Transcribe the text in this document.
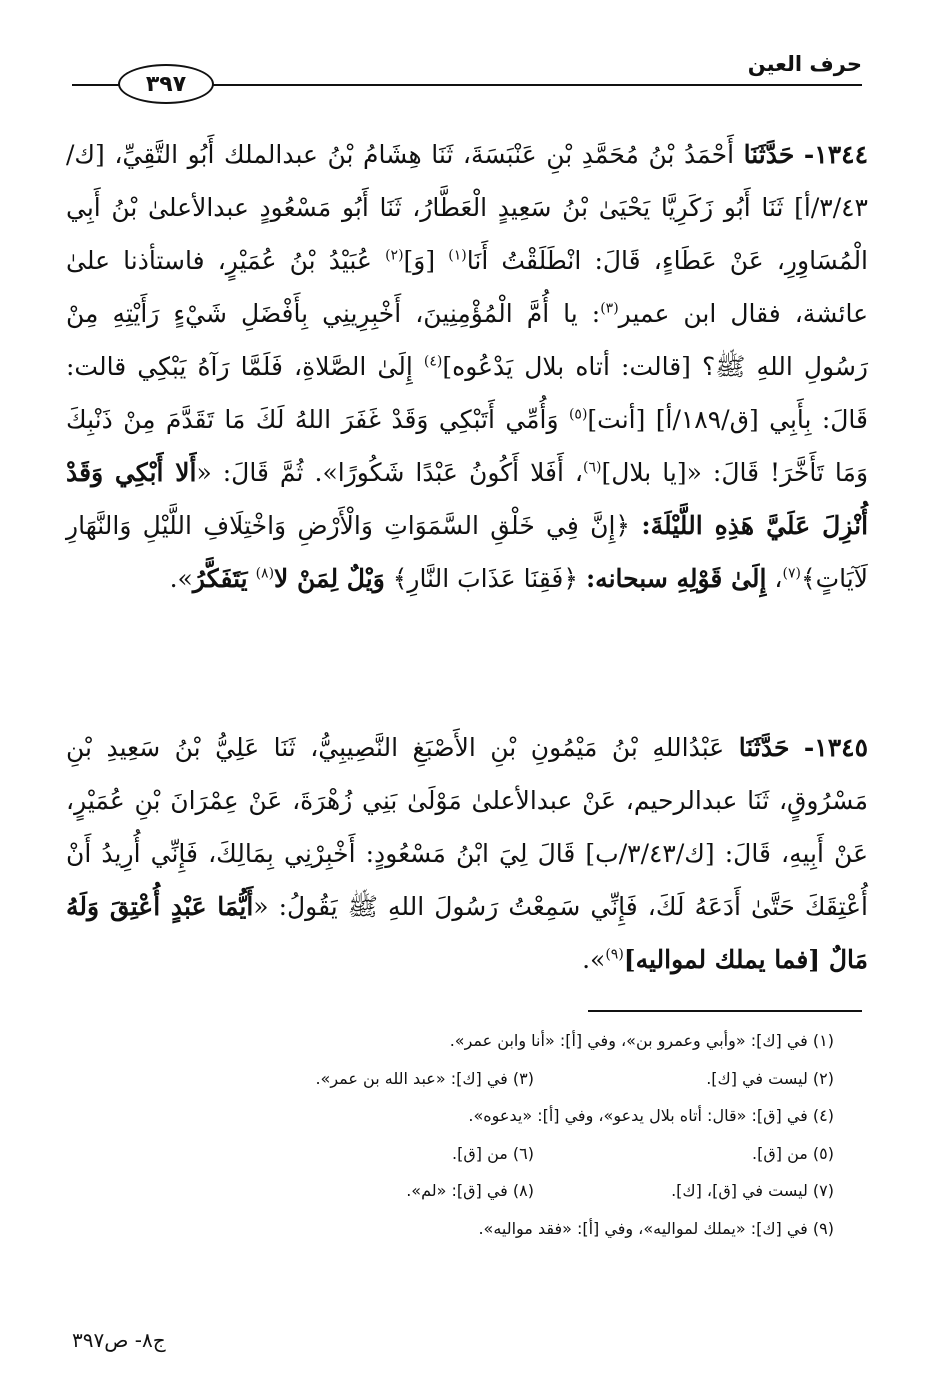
حرف العين
٣٩٧
١٣٤٤- حَدَّثَنَا أَحْمَدُ بْنُ مُحَمَّدِ بْنِ عَنْبَسَةَ، ثَنَا هِشَامُ بْنُ عبدالملك أَبُو التَّقِيِّ، [ك/٣/٤٣/أ] ثَنَا أَبُو زَكَرِيَّا يَحْيَىٰ بْنُ سَعِيدٍ الْعَطَّارُ، ثَنَا أَبُو مَسْعُودٍ عبدالأعلىٰ بْنُ أَبِي الْمُسَاوِرِ، عَنْ عَطَاءٍ، قَالَ: انْطَلَقْتُ أَنَا$^{(١)}$ [وَ]$^{(٢)}$ عُبَيْدُ بْنُ عُمَيْرٍ، فاستأذنا علىٰ عائشة، فقال ابن عمير$^{(٣)}$: يا أُمَّ الْمُؤْمِنِينَ، أَخْبِرِينِي بِأَفْضَلِ شَيْءٍ رَأَيْتِهِ مِنْ رَسُولِ اللهِ ﷺ؟ [قالت: أتاه بلال يَدْعُوه]$^{(٤)}$ إِلَىٰ الصَّلاةِ، فَلَمَّا رَآهُ يَبْكِي قالت: قَالَ: بِأَبِي [ق/١٨٩/أ] [أنت]$^{(٥)}$ وَأُمِّي أَتَبْكِي وَقَدْ غَفَرَ اللهُ لَكَ مَا تَقَدَّمَ مِنْ ذَنْبِكَ وَمَا تَأَخَّرَ! قَالَ: «[يا بلال]$^{(٦)}$، أَفَلا أَكُونُ عَبْدًا شَكُورًا». ثُمَّ قَالَ: «أَلا أَبْكِي وَقَدْ أُنْزِلَ عَلَيَّ هَذِهِ اللَّيْلَةَ: ﴿إِنَّ فِي خَلْقِ السَّمَوَاتِ وَالْأَرْضِ وَاخْتِلَافِ اللَّيْلِ وَالنَّهَارِ لَآيَاتٍ﴾$^{(٧)}$، إِلَىٰ قَوْلِهِ سبحانه: ﴿فَقِنَا عَذَابَ النَّارِ﴾ وَيْلٌ لِمَنْ لا$^{(٨)}$ يَتَفَكَّرُ».
١٣٤٥- حَدَّثَنَا عَبْدُاللهِ بْنُ مَيْمُونِ بْنِ الأَصْبَغِ النَّصِيبِيُّ، ثَنَا عَلِيُّ بْنُ سَعِيدِ بْنِ مَسْرُوقٍ، ثَنَا عبدالرحيم، عَنْ عبدالأعلىٰ مَوْلَىٰ بَنِي زُهْرَةَ، عَنْ عِمْرَانَ بْنِ عُمَيْرٍ، عَنْ أَبِيهِ، قَالَ: [ك/٣/٤٣/ب] قَالَ لِيَ ابْنُ مَسْعُودٍ: أَخْبِرْنِي بِمَالِكَ، فَإِنِّي أُرِيدُ أَنْ أُعْتِقَكَ حَتَّىٰ أَدَعَهُ لَكَ، فَإِنِّي سَمِعْتُ رَسُولَ اللهِ ﷺ يَقُولُ: «أَيُّمَا عَبْدٍ أُعْتِقَ وَلَهُ مَالٌ [فما يملك لمواليه]$^{(٩)}$».
(١) في [ك]: «وأبي وعمرو بن»، وفي [أ]: «أنا وابن عمر».
(٢) ليست في [ك].
(٣) في [ك]: «عبد الله بن عمر».
(٤) في [ق]: «قال: أتاه بلال يدعو»، وفي [أ]: «يدعوه».
(٥) من [ق].
(٦) من [ق].
(٧) ليست في [ق]، [ك].
(٨) في [ق]: «لم».
(٩) في [ك]: «يملك لمواليه»، وفي [أ]: «فقد مواليه».
ج٨- ص٣٩٧
